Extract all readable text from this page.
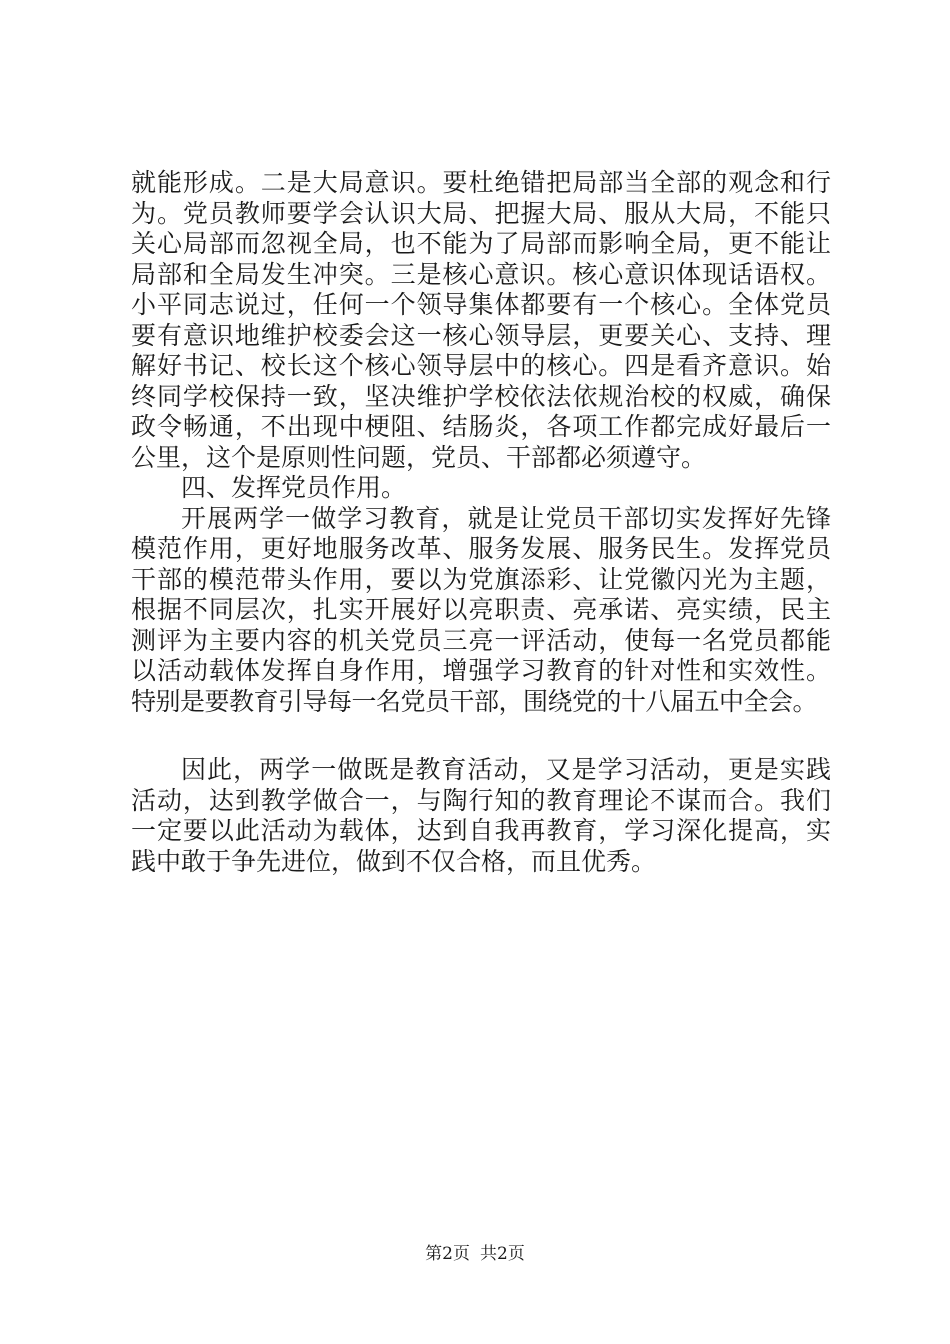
就能形成。二是大局意识。要杜绝错把局部当全部的观念和行
为。党员教师要学会认识大局、把握大局、服从大局，不能只
关心局部而忽视全局，也不能为了局部而影响全局，更不能让
局部和全局发生冲突。三是核心意识。核心意识体现话语权。
小平同志说过，任何一个领导集体都要有一个核心。全体党员
要有意识地维护校委会这一核心领导层，更要关心、支持、理
解好书记、校长这个核心领导层中的核心。四是看齐意识。始
终同学校保持一致，坚决维护学校依法依规治校的权威，确保
政令畅通，不出现中梗阻、结肠炎，各项工作都完成好最后一
公里，这个是原则性问题，党员、干部都必须遵守。
四、发挥党员作用。
开展两学一做学习教育，就是让党员干部切实发挥好先锋
模范作用，更好地服务改革、服务发展、服务民生。发挥党员
干部的模范带头作用，要以为党旗添彩、让党徽闪光为主题，
根据不同层次，扎实开展好以亮职责、亮承诺、亮实绩，民主
测评为主要内容的机关党员三亮一评活动，使每一名党员都能
以活动载体发挥自身作用，增强学习教育的针对性和实效性。
特别是要教育引导每一名党员干部，围绕党的十八届五中全会。
因此，两学一做既是教育活动，又是学习活动，更是实践
活动，达到教学做合一，与陶行知的教育理论不谋而合。我们
一定要以此活动为载体，达到自我再教育，学习深化提高，实
践中敢于争先进位，做到不仅合格，而且优秀。
第2页 共2页
